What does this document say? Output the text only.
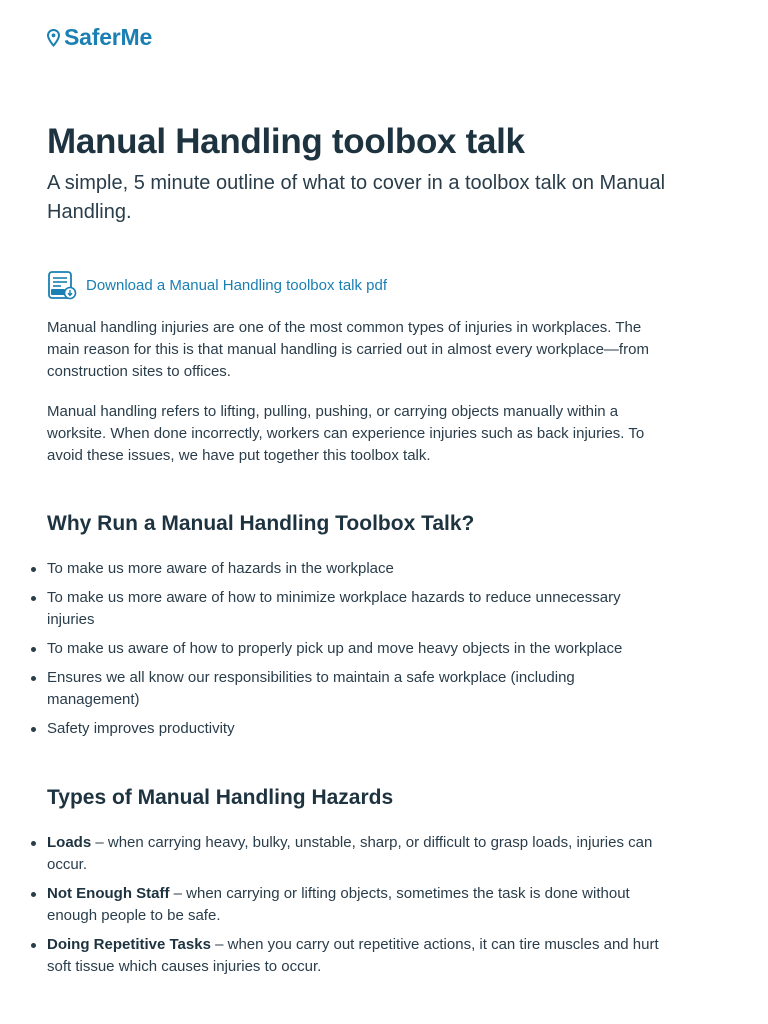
SaferMe
Manual Handling toolbox talk

A simple, 5 minute outline of what to cover in a toolbox talk on Manual Handling.

Download a Manual Handling toolbox talk pdf

Manual handling injuries are one of the most common types of injuries in workplaces. The main reason for this is that manual handling is carried out in almost every workplace—from construction sites to offices.

Manual handling refers to lifting, pulling, pushing, or carrying objects manually within a worksite. When done incorrectly, workers can experience injuries such as back injuries. To avoid these issues, we have put together this toolbox talk.

Why Run a Manual Handling Toolbox Talk?
To make us more aware of hazards in the workplace
To make us more aware of how to minimize workplace hazards to reduce unnecessary injuries
To make us aware of how to properly pick up and move heavy objects in the workplace
Ensures we all know our responsibilities to maintain a safe workplace (including management)
Safety improves productivity
Types of Manual Handling Hazards
Loads – when carrying heavy, bulky, unstable, sharp, or difficult to grasp loads, injuries can occur.
Not Enough Staff – when carrying or lifting objects, sometimes the task is done without enough people to be safe.
Doing Repetitive Tasks – when you carry out repetitive actions, it can tire muscles and hurt soft tissue which causes injuries to occur.
